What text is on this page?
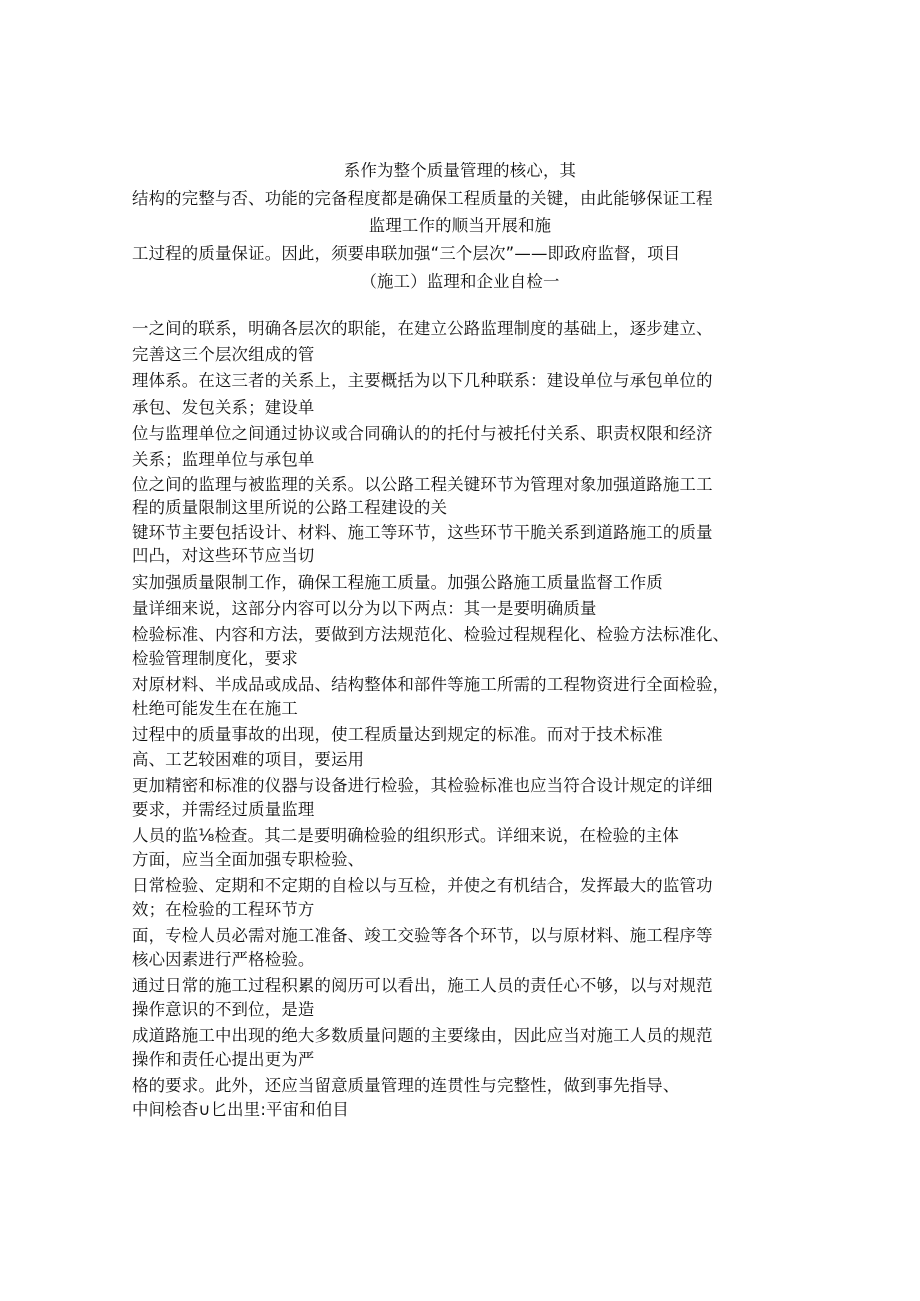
系作为整个质量管理的核心，其
结构的完整与否、功能的完备程度都是确保工程质量的关键，由此能够保证工程
监理工作的顺当开展和施
工过程的质量保证。因此，须要串联加强“三个层次”——即政府监督，项目
（施工）监理和企业自检一
一之间的联系，明确各层次的职能，在建立公路监理制度的基础上，逐步建立、
完善这三个层次组成的管
理体系。在这三者的关系上，主要概括为以下几种联系：建设单位与承包单位的
承包、发包关系；建设单
位与监理单位之间通过协议或合同确认的的托付与被托付关系、职责权限和经济
关系；监理单位与承包单
位之间的监理与被监理的关系。以公路工程关键环节为管理对象加强道路施工工
程的质量限制这里所说的公路工程建设的关
键环节主要包括设计、材料、施工等环节，这些环节干脆关系到道路施工的质量
凹凸，对这些环节应当切
实加强质量限制工作，确保工程施工质量。加强公路施工质量监督工作质
量详细来说，这部分内容可以分为以下两点：其一是要明确质量
检验标准、内容和方法，要做到方法规范化、检验过程规程化、检验方法标准化、
检验管理制度化，要求
对原材料、半成品或成品、结构整体和部件等施工所需的工程物资进行全面检验，
杜绝可能发生在在施工
过程中的质量事故的出现，使工程质量达到规定的标准。而对于技术标准
高、工艺较困难的项目，要运用
更加精密和标准的仪器与设备进行检验，其检验标准也应当符合设计规定的详细
要求，并需经过质量监理
人员的监⅛检查。其二是要明确检验的组织形式。详细来说，在检验的主体
方面，应当全面加强专职检验、
日常检验、定期和不定期的自检以与互检，并使之有机结合，发挥最大的监管功
效；在检验的工程环节方
面，专检人员必需对施工准备、竣工交验等各个环节，以与原材料、施工程序等
核心因素进行严格检验。
通过日常的施工过程积累的阅历可以看出，施工人员的责任心不够，以与对规范
操作意识的不到位，是造
成道路施工中出现的绝大多数质量问题的主要缘由，因此应当对施工人员的规范
操作和责任心提出更为严
格的要求。此外，还应当留意质量管理的连贯性与完整性，做到事先指导、
中间桧杳∪匕出里:平宙和伯目
